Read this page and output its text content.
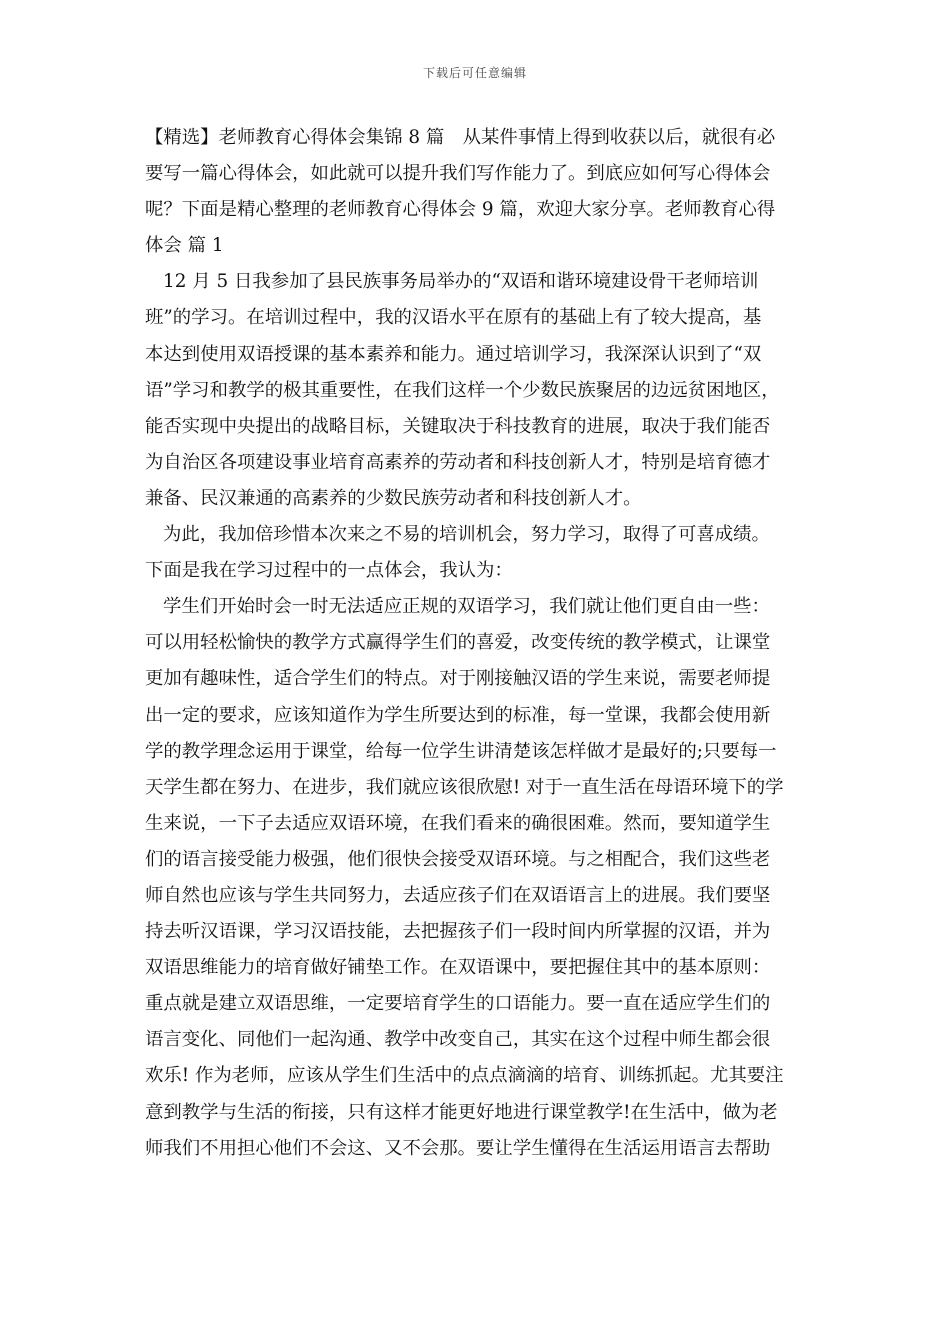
下载后可任意编辑
【精选】老师教育心得体会集锦 8 篇　从某件事情上得到收获以后，就很有必
要写一篇心得体会，如此就可以提升我们写作能力了。到底应如何写心得体会
呢？下面是精心整理的老师教育心得体会 9 篇，欢迎大家分享。老师教育心得
体会 篇 1
12 月 5 日我参加了县民族事务局举办的“双语和谐环境建设骨干老师培训
班”的学习。在培训过程中，我的汉语水平在原有的基础上有了较大提高，基
本达到使用双语授课的基本素养和能力。通过培训学习，我深深认识到了“双
语”学习和教学的极其重要性，在我们这样一个少数民族聚居的边远贫困地区，
能否实现中央提出的战略目标，关键取决于科技教育的进展，取决于我们能否
为自治区各项建设事业培育高素养的劳动者和科技创新人才，特别是培育德才
兼备、民汉兼通的高素养的少数民族劳动者和科技创新人才。
为此，我加倍珍惜本次来之不易的培训机会，努力学习，取得了可喜成绩。
下面是我在学习过程中的一点体会，我认为：
学生们开始时会一时无法适应正规的双语学习，我们就让他们更自由一些：
可以用轻松愉快的教学方式赢得学生们的喜爱，改变传统的教学模式，让课堂
更加有趣味性，适合学生们的特点。对于刚接触汉语的学生来说，需要老师提
出一定的要求，应该知道作为学生所要达到的标准，每一堂课，我都会使用新
学的教学理念运用于课堂，给每一位学生讲清楚该怎样做才是最好的;只要每一
天学生都在努力、在进步，我们就应该很欣慰! 对于一直生活在母语环境下的学
生来说，一下子去适应双语环境，在我们看来的确很困难。然而，要知道学生
们的语言接受能力极强，他们很快会接受双语环境。与之相配合，我们这些老
师自然也应该与学生共同努力，去适应孩子们在双语语言上的进展。我们要坚
持去听汉语课，学习汉语技能，去把握孩子们一段时间内所掌握的汉语，并为
双语思维能力的培育做好铺垫工作。在双语课中，要把握住其中的基本原则：
重点就是建立双语思维，一定要培育学生的口语能力。要一直在适应学生们的
语言变化、同他们一起沟通、教学中改变自己，其实在这个过程中师生都会很
欢乐! 作为老师，应该从学生们生活中的点点滴滴的培育、训练抓起。尤其要注
意到教学与生活的衔接，只有这样才能更好地进行课堂教学!在生活中，做为老
师我们不用担心他们不会这、又不会那。要让学生懂得在生活运用语言去帮助
